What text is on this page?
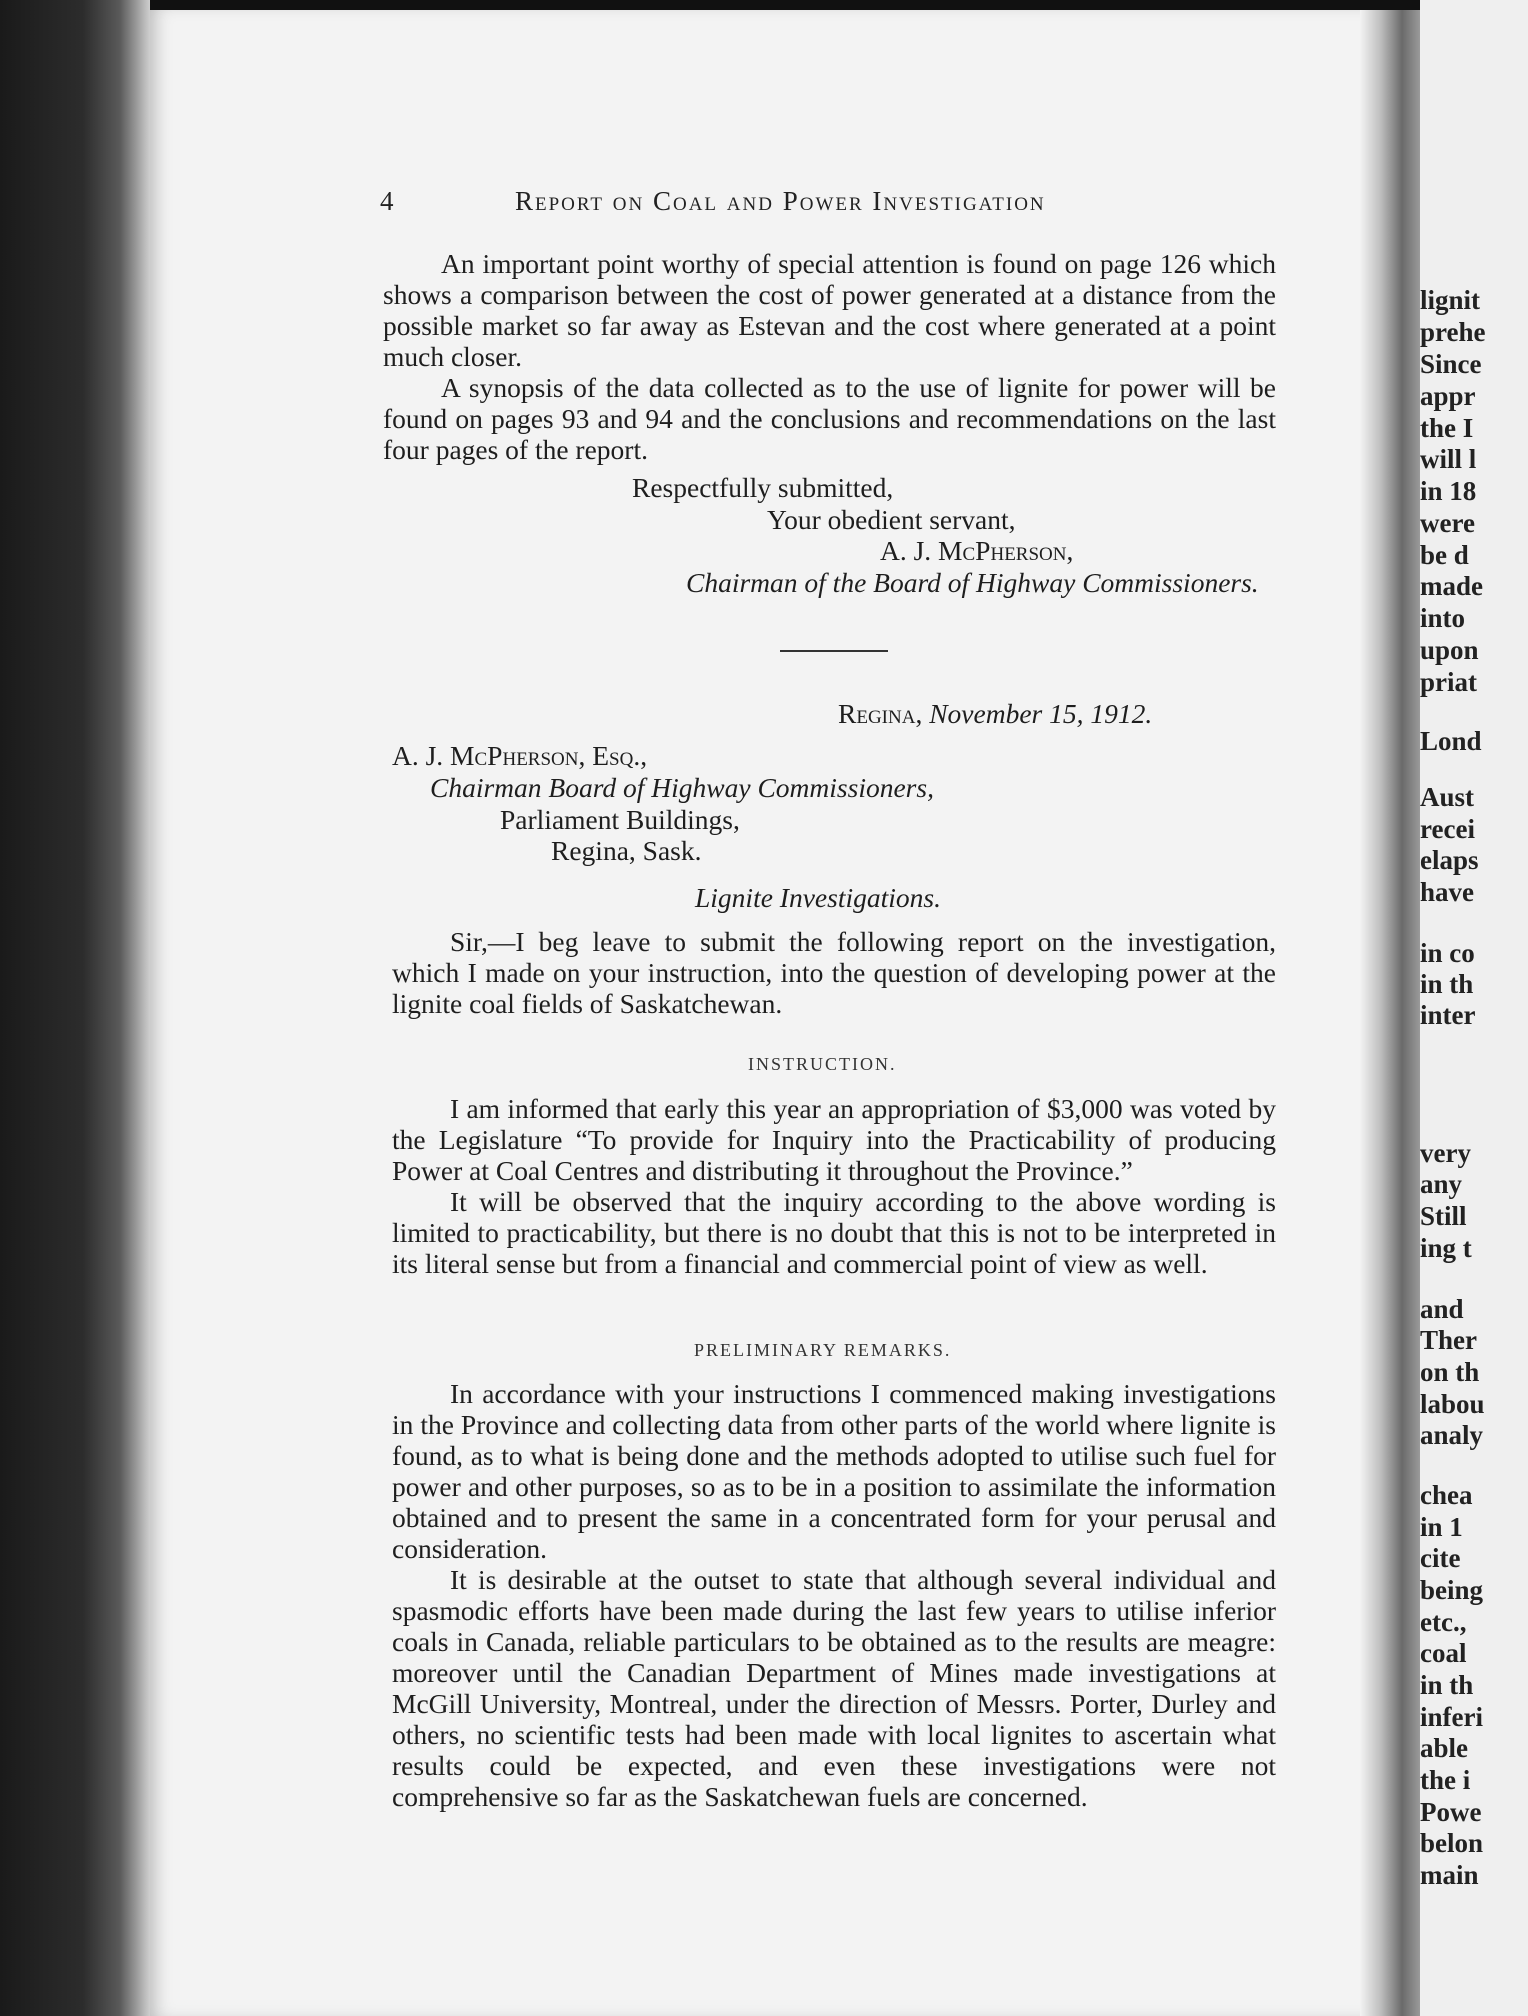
lignit
prehe
Since
appr
the I
will l
in 18
were
be d
made
into
upon
priat
Lond
Aust
recei
elaps
have
in co
in th
inter
very
any
Still
ing t
and
Ther
on th
labou
analy
chea
in 1
cite
being
etc.,
coal
in th
inferi
able
the i
Powe
belon
main
4	Report on Coal and Power Investigation

An important point worthy of special attention is found on page 126 which shows a comparison between the cost of power generated at a distance from the possible market so far away as Estevan and the cost where generated at a point much closer.

A synopsis of the data collected as to the use of lignite for power will be found on pages 93 and 94 and the conclusions and recommendations on the last four pages of the report.

Respectfully submitted,
Your obedient servant,
A. J. McPherson,
Chairman of the Board of Highway Commissioners.
Regina, November 15, 1912.
A. J. McPherson, Esq.,
Chairman Board of Highway Commissioners,
Parliament Buildings,
Regina, Sask.
Lignite Investigations.

Sir,—I beg leave to submit the following report on the investigation, which I made on your instruction, into the question of developing power at the lignite coal fields of Saskatchewan.

INSTRUCTION.

I am informed that early this year an appropriation of $3,000 was voted by the Legislature “To provide for Inquiry into the Practicability of producing Power at Coal Centres and distributing it throughout the Province.”

It will be observed that the inquiry according to the above wording is limited to practicability, but there is no doubt that this is not to be interpreted in its literal sense but from a financial and commercial point of view as well.

PRELIMINARY REMARKS.

In accordance with your instructions I commenced making investigations in the Province and collecting data from other parts of the world where lignite is found, as to what is being done and the methods adopted to utilise such fuel for power and other purposes, so as to be in a position to assimilate the information obtained and to present the same in a concentrated form for your perusal and consideration.

It is desirable at the outset to state that although several individual and spasmodic efforts have been made during the last few years to utilise inferior coals in Canada, reliable particulars to be obtained as to the results are meagre: moreover until the Canadian Department of Mines made investigations at McGill University, Montreal, under the direction of Messrs. Porter, Durley and others, no scientific tests had been made with local lignites to ascertain what results could be expected, and even these investigations were not comprehensive so far as the Saskatchewan fuels are concerned.
